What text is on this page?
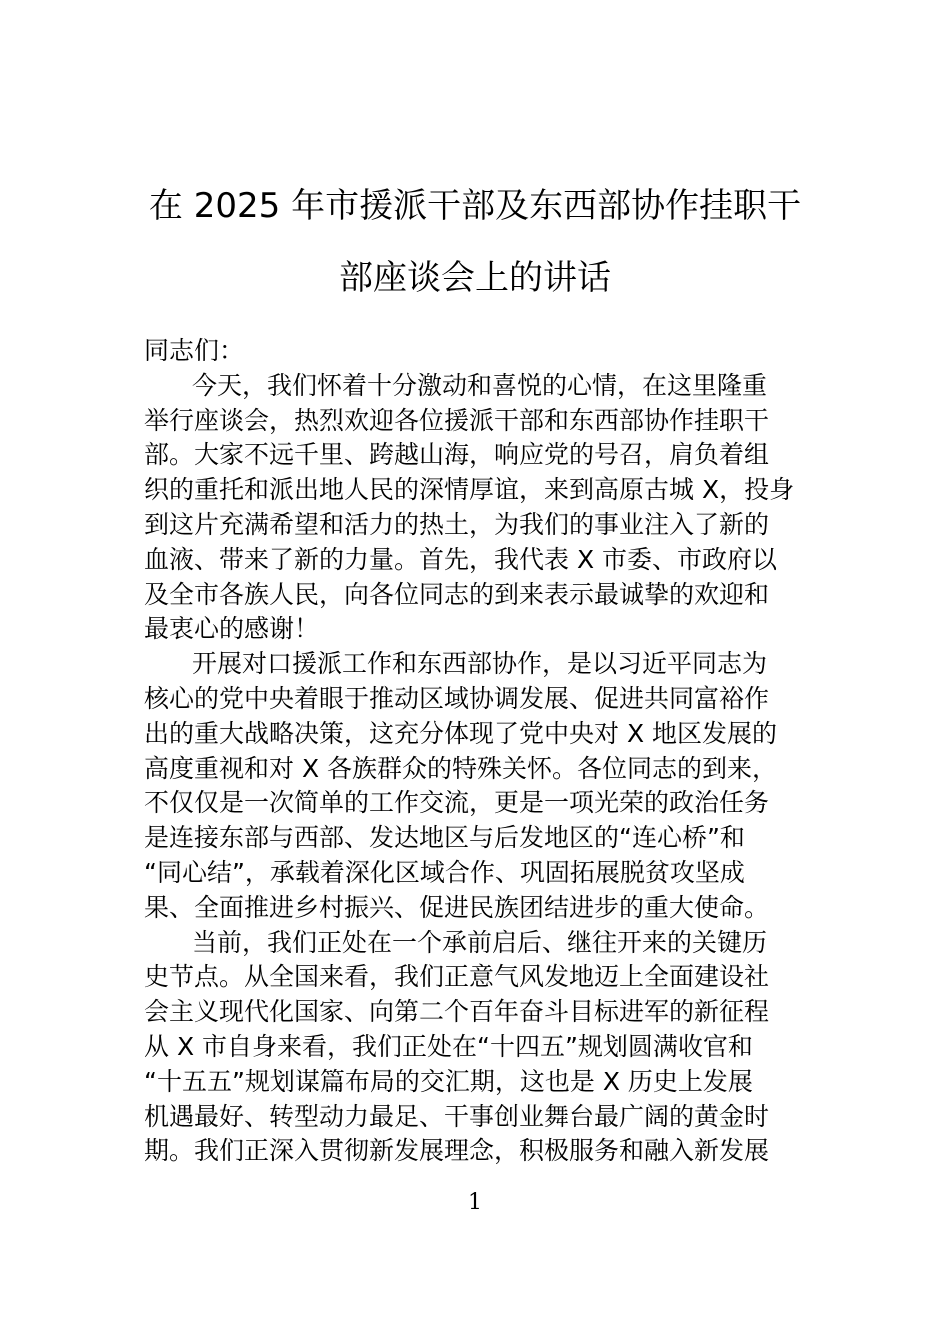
在 2025 年市援派干部及东西部协作挂职干
部座谈会上的讲话
同志们：
今天，我们怀着十分激动和喜悦的心情，在这里隆重
举行座谈会，热烈欢迎各位援派干部和东西部协作挂职干
部。大家不远千里、跨越山海，响应党的号召，肩负着组
织的重托和派出地人民的深情厚谊，来到高原古城 X，投身
到这片充满希望和活力的热土，为我们的事业注入了新的
血液、带来了新的力量。首先，我代表 X 市委、市政府以
及全市各族人民，向各位同志的到来表示最诚挚的欢迎和
最衷心的感谢！
开展对口援派工作和东西部协作，是以习近平同志为
核心的党中央着眼于推动区域协调发展、促进共同富裕作
出的重大战略决策，这充分体现了党中央对 X 地区发展的
高度重视和对 X 各族群众的特殊关怀。各位同志的到来，
不仅仅是一次简单的工作交流，更是一项光荣的政治任务
是连接东部与西部、发达地区与后发地区的“连心桥”和
“同心结”，承载着深化区域合作、巩固拓展脱贫攻坚成
果、全面推进乡村振兴、促进民族团结进步的重大使命。
当前，我们正处在一个承前启后、继往开来的关键历
史节点。从全国来看，我们正意气风发地迈上全面建设社
会主义现代化国家、向第二个百年奋斗目标进军的新征程
从 X 市自身来看，我们正处在“十四五”规划圆满收官和
“十五五”规划谋篇布局的交汇期，这也是 X 历史上发展
机遇最好、转型动力最足、干事创业舞台最广阔的黄金时
期。我们正深入贯彻新发展理念，积极服务和融入新发展
1
